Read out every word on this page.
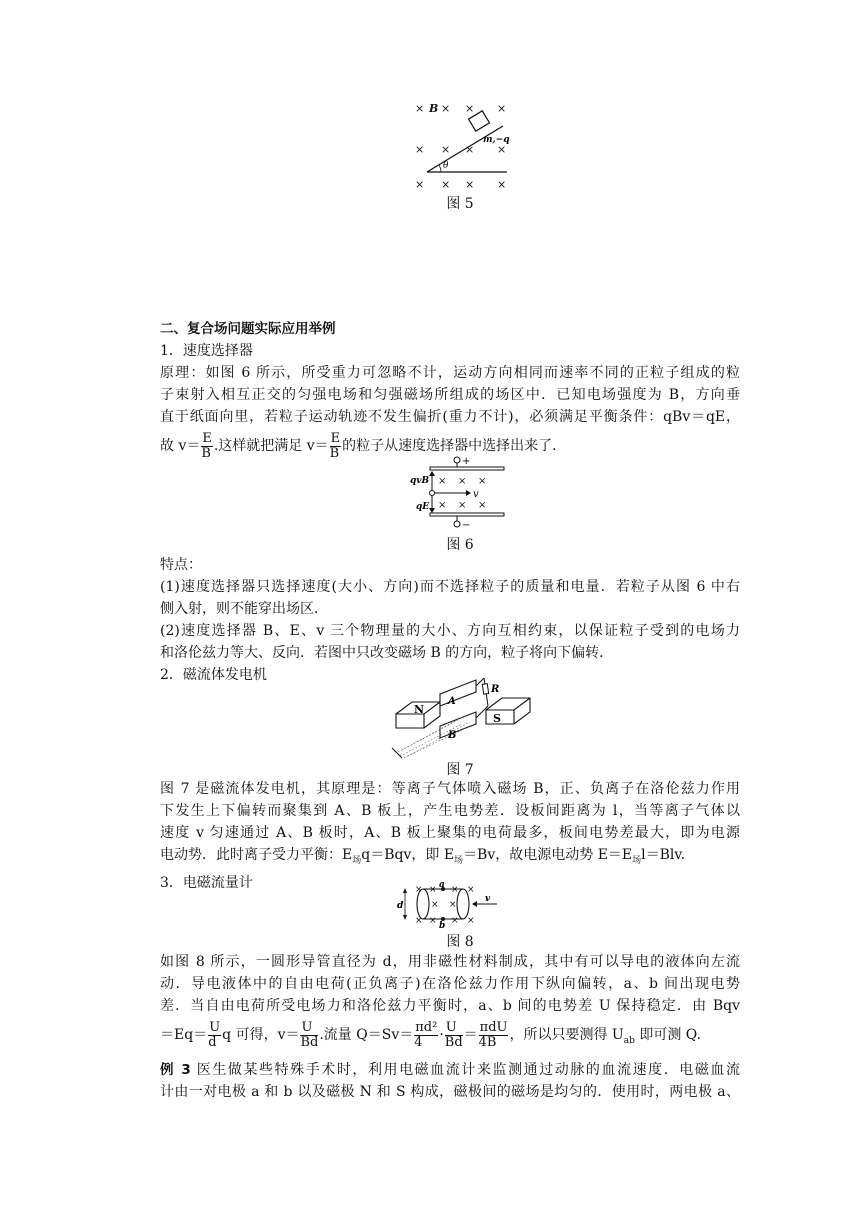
× B × × ×
× × × ×
× × × ×
θ
m,−q
图 5
二、复合场问题实际应用举例
1．速度选择器
原理：如图 6 所示，所受重力可忽略不计，运动方向相同而速率不同的正粒子组成的粒
子束射入相互正交的匀强电场和匀强磁场所组成的场区中．已知电场强度为 B，方向垂
直于纸面向里，若粒子运动轨迹不发生偏折(重力不计)，必须满足平衡条件：qBv＝qE，
故 $v= \frac{E}{B}$ .这样就把满足 $v= \frac{E}{B}$ 的粒子从速度选择器中选择出来了．
+
−
× × ×
× × ×
v
qvB
qE
图 6
特点：
(1)速度选择器只选择速度(大小、方向)而不选择粒子的质量和电量．若粒子从图 6 中右
侧入射，则不能穿出场区．
(2)速度选择器 B、E、v 三个物理量的大小、方向互相约束，以保证粒子受到的电场力
和洛伦兹力等大、反向．若图中只改变磁场 B 的方向，粒子将向下偏转．
2．磁流体发电机
N
S
A
B
R
图 7
图 7 是磁流体发电机，其原理是：等离子气体喷入磁场 B，正、负离子在洛伦兹力作用
下发生上下偏转而聚集到 A、B 板上，产生电势差．设板间距离为 l，当等离子气体以
速度 v 匀速通过 A、B 板时，A、B 板上聚集的电荷最多，板间电势差最大，即为电源
电动势．此时离子受力平衡：$E_场q=Bqv$，即 $E_场=Bv$，故电源电动势 $E=E_场l=Blv$.
3．电磁流量计	a
b
d
× × × ×
× ×
× × × ×
v
图 8
如图 8 所示，一圆形导管直径为 d，用非磁性材料制成，其中有可以导电的液体向左流
动．导电液体中的自由电荷(正负离子)在洛伦兹力作用下纵向偏转，a、b 间出现电势
差．当自由电荷所受电场力和洛伦兹力平衡时，a、b 间的电势差 U 保持稳定．由 Bqv
$=Eq= \frac{U}{d}$ q 可得，$v= \frac{U}{Bd}$ .流量 $Q=Sv= \frac{\text{πd²}}{4} \cdot \frac{U}{Bd} = \frac{\text{πdU}}{4B}$ ，所以只要测得 $U_{ab}$ 即可测 Q.
例 3 医生做某些特殊手术时，利用电磁血流计来监测通过动脉的血流速度．电磁血流
计由一对电极 a 和 b 以及磁极 N 和 S 构成，磁极间的磁场是均匀的．使用时，两电极 a、
